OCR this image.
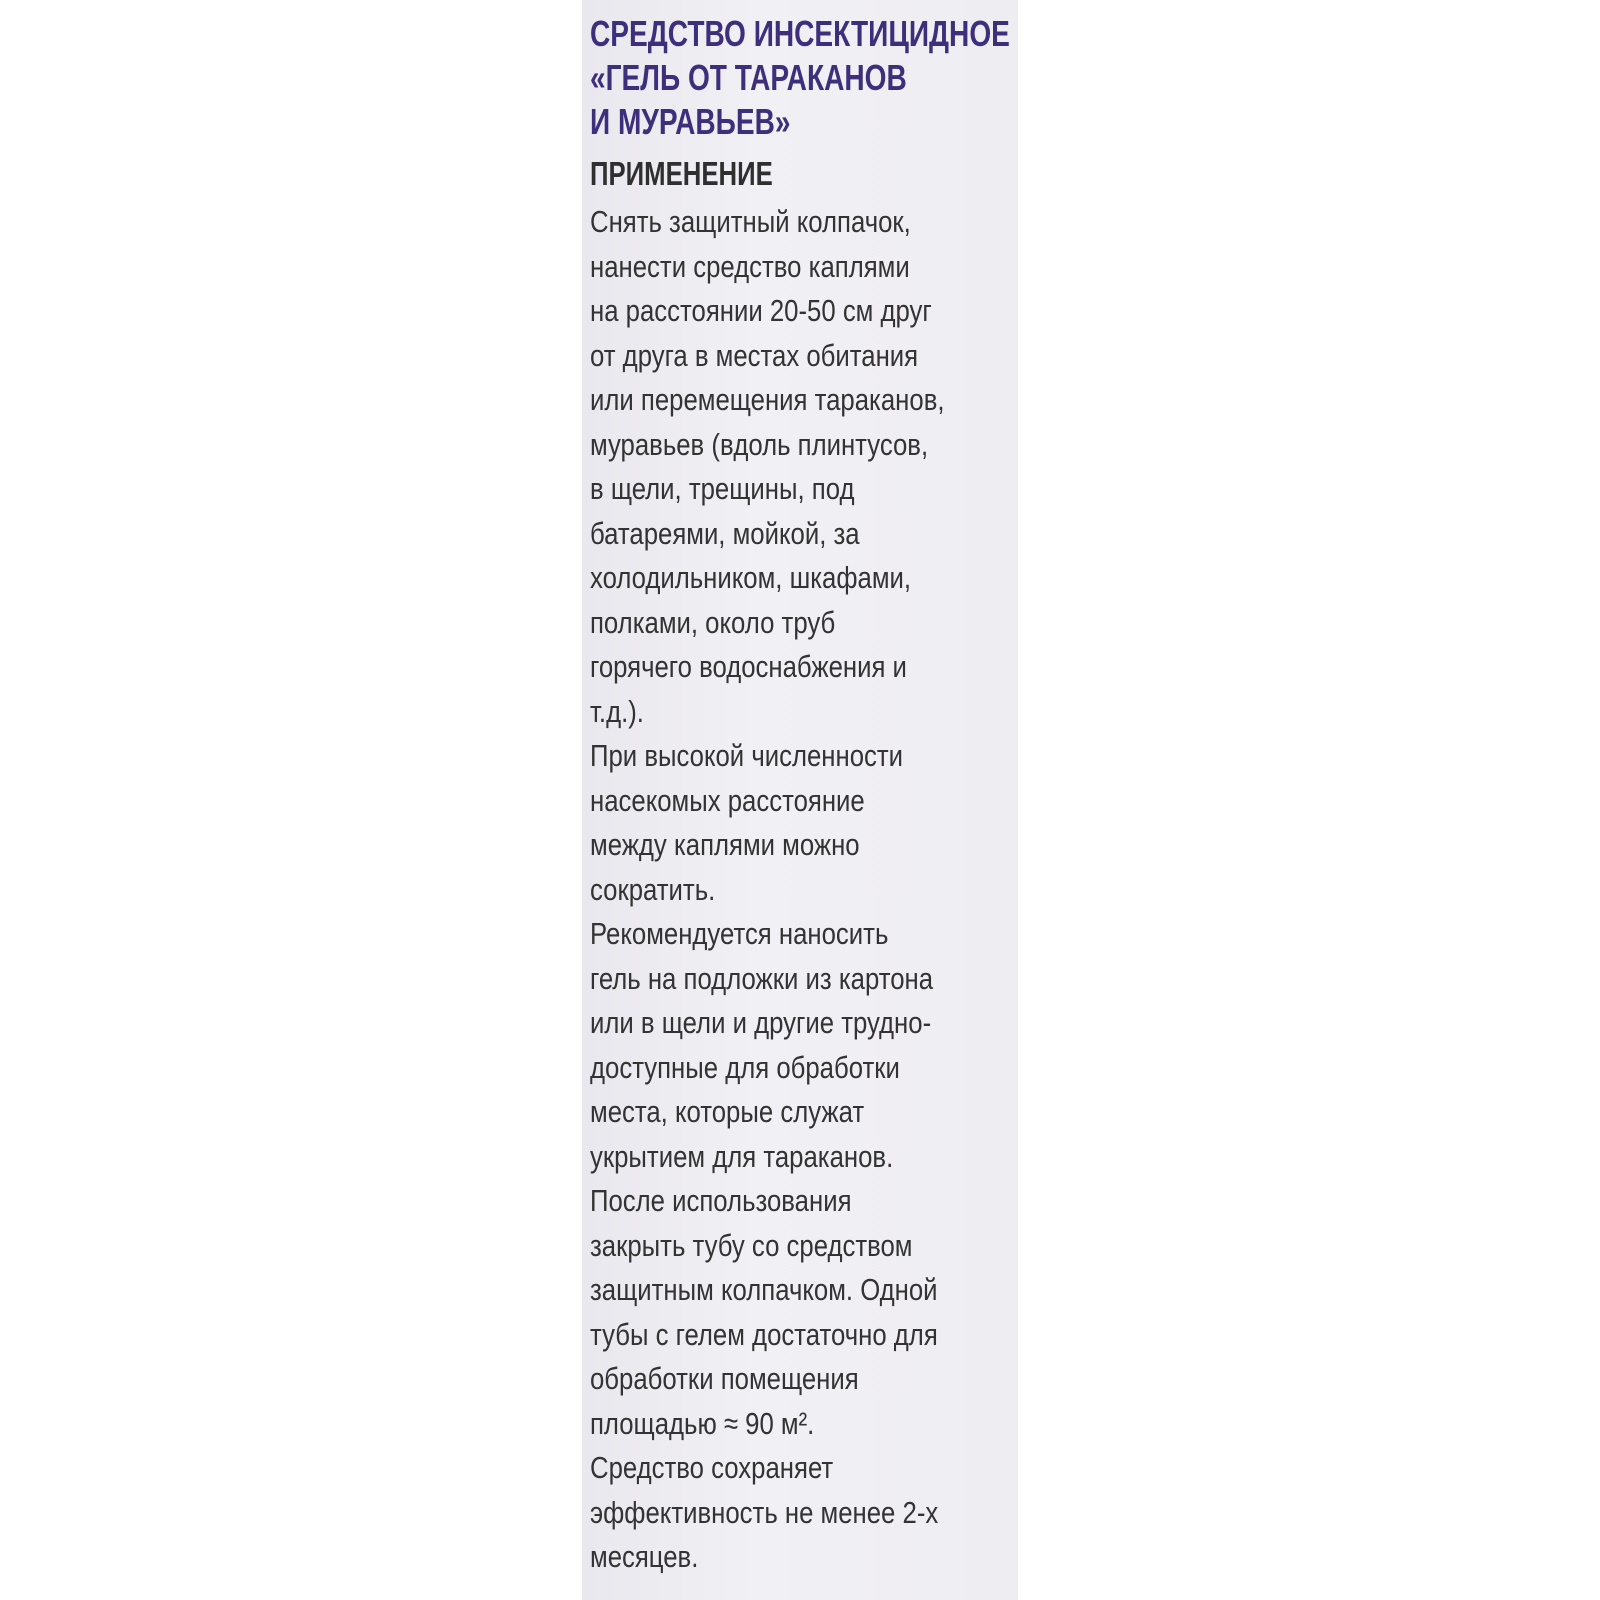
СРЕДСТВО ИНСЕКТИЦИДНОЕ
«ГЕЛЬ ОТ ТАРАКАНОВ
И МУРАВЬЕВ»
ПРИМЕНЕНИЕ
Снять защитный колпачок,
нанести средство каплями
на расстоянии 20-50 см друг
от друга в местах обитания
или перемещения тараканов,
муравьев (вдоль плинтусов,
в щели, трещины, под
батареями, мойкой, за
холодильником, шкафами,
полками, около труб
горячего водоснабжения и
т.д.).
При высокой численности
насекомых расстояние
между каплями можно
сократить.
Рекомендуется наносить
гель на подложки из картона
или в щели и другие трудно-
доступные для обработки
места, которые служат
укрытием для тараканов.
После использования
закрыть тубу со средством
защитным колпачком. Одной
тубы с гелем достаточно для
обработки помещения
площадью ≈ 90 м².
Средство сохраняет
эффективность не менее 2-х
месяцев.
